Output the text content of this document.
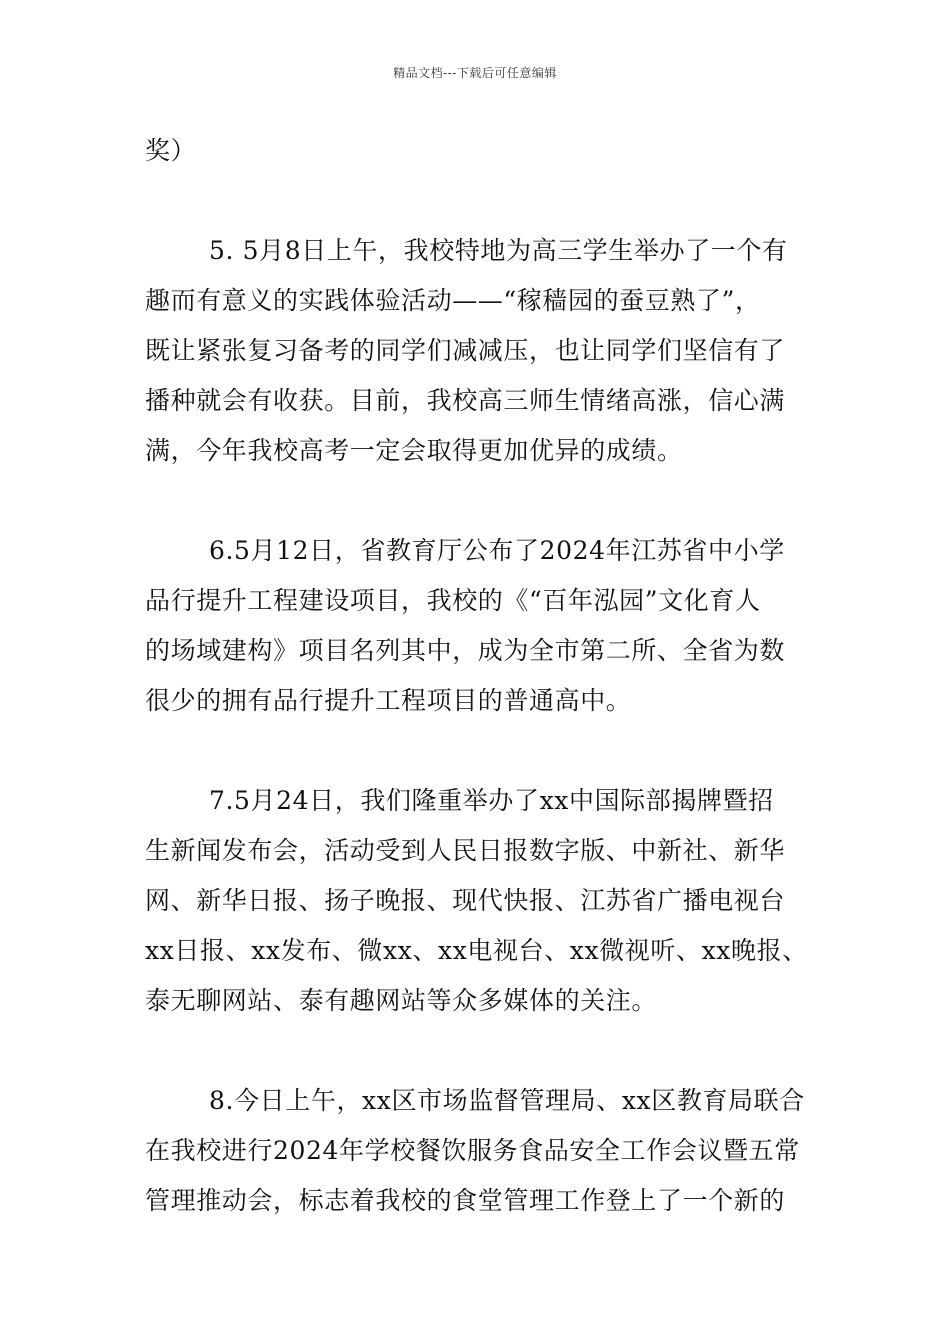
精品文档---下载后可任意编辑
奖）
5. 5月8日上午，我校特地为高三学生举办了一个有
趣而有意义的实践体验活动——“稼穑园的蚕豆熟了”，
既让紧张复习备考的同学们减减压，也让同学们坚信有了
播种就会有收获。目前，我校高三师生情绪高涨，信心满
满，今年我校高考一定会取得更加优异的成绩。
6.5月12日，省教育厅公布了2024年江苏省中小学
品行提升工程建设项目，我校的《“百年泓园”文化育人
的场域建构》项目名列其中，成为全市第二所、全省为数
很少的拥有品行提升工程项目的普通高中。
7.5月24日，我们隆重举办了xx中国际部揭牌暨招
生新闻发布会，活动受到人民日报数字版、中新社、新华
网、新华日报、扬子晚报、现代快报、江苏省广播电视台
xx日报、xx发布、微xx、xx电视台、xx微视听、xx晚报、
泰无聊网站、泰有趣网站等众多媒体的关注。
8.今日上午，xx区市场监督管理局、xx区教育局联合
在我校进行2024年学校餐饮服务食品安全工作会议暨五常
管理推动会，标志着我校的食堂管理工作登上了一个新的
